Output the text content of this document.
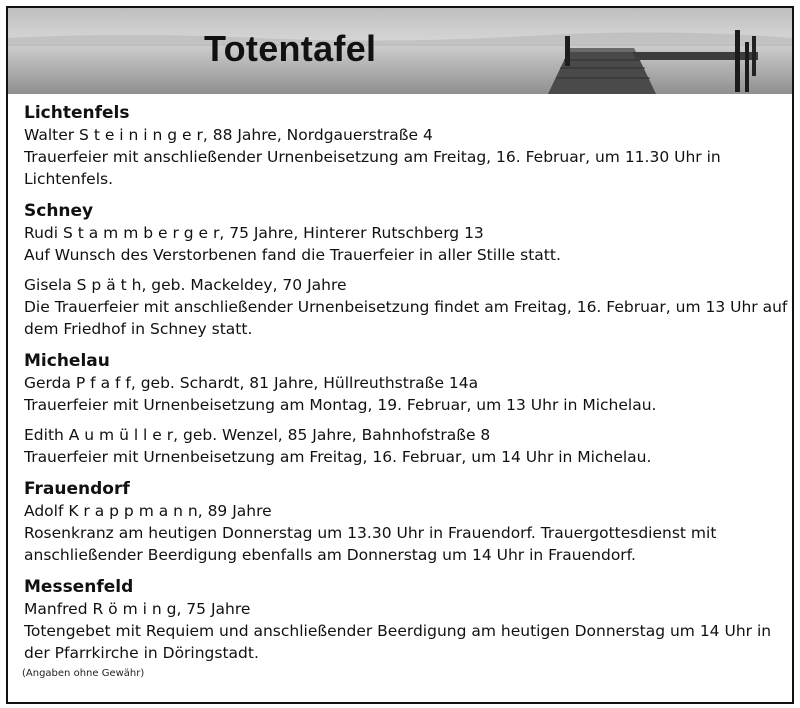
Totentafel
Lichtenfels
Walter S t e i n i n g e r, 88 Jahre, Nordgauerstraße 4
Trauerfeier mit anschließender Urnenbeisetzung am Freitag, 16. Februar, um 11.30 Uhr in
Lichtenfels.
Schney
Rudi S t a m m b e r g e r, 75 Jahre, Hinterer Rutschberg 13
Auf Wunsch des Verstorbenen fand die Trauerfeier in aller Stille statt.
Gisela S p ä t h, geb. Mackeldey, 70 Jahre
Die Trauerfeier mit anschließender Urnenbeisetzung findet am Freitag, 16. Februar, um 13 Uhr auf
dem Friedhof in Schney statt.
Michelau
Gerda P f a f f, geb. Schardt, 81 Jahre, Hüllreuthstraße 14a
Trauerfeier mit Urnenbeisetzung am Montag, 19. Februar, um 13 Uhr in Michelau.
Edith A u m ü l l e r, geb. Wenzel, 85 Jahre, Bahnhofstraße 8
Trauerfeier mit Urnenbeisetzung am Freitag, 16. Februar, um 14 Uhr in Michelau.
Frauendorf
Adolf K r a p p m a n n, 89 Jahre
Rosenkranz am heutigen Donnerstag um 13.30 Uhr in Frauendorf. Trauergottesdienst mit
anschließender Beerdigung ebenfalls am Donnerstag um 14 Uhr in Frauendorf.
Messenfeld
Manfred R ö m i n g, 75 Jahre
Totengebet mit Requiem und anschließender Beerdigung am heutigen Donnerstag um 14 Uhr in
der Pfarrkirche in Döringstadt.
(Angaben ohne Gewähr)
